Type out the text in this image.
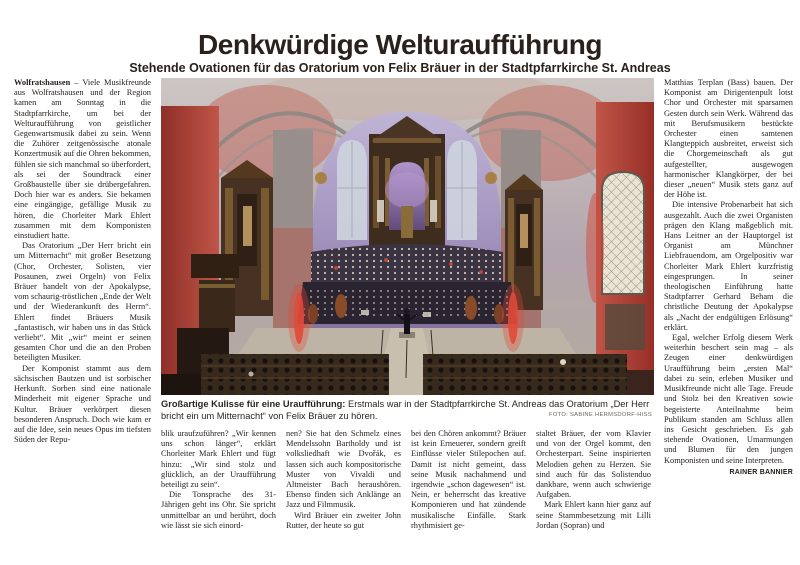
Denkwürdige Welturaufführung
Stehende Ovationen für das Oratorium von Felix Bräuer in der Stadtpfarrkirche St. Andreas

Wolfratshausen – Viele Musikfreunde aus Wolfratshausen und der Region kamen am Sonntag in die Stadtpfarrkirche, um bei der Welturaufführung von geistlicher Gegenwartsmusik dabei zu sein. Wenn die Zuhörer zeitgenössische atonale Konzertmusik auf die Ohren bekommen, fühlen sie sich manchmal so überfordert, als sei der Soundtrack einer Großbaustelle über sie drübergefahren. Doch hier war es anders. Sie bekamen eine eingängige, gefällige Musik zu hören, die Chorleiter Mark Ehlert zusammen mit dem Komponisten einstudiert hatte.

Das Oratorium „Der Herr bricht ein um Mitternacht“ mit großer Besetzung (Chor, Orchester, Solisten, vier Posaunen, zwei Orgeln) von Felix Bräuer handelt von der Apokalypse, vom schaurig-tröstlichen „Ende der Welt und der Wiederankunft des Herrn“. Ehlert findet Bräuers Musik „fantastisch, wir haben uns in das Stück verliebt“. Mit „wir“ meint er seinen gesamten Chor und die an den Proben beteiligten Musiker.

Der Komponist stammt aus dem sächsischen Bautzen und ist sorbischer Herkunft. Sorben sind eine nationale Minderheit mit eigener Sprache und Kultur. Bräuer verkörpert diesen besonderen Anspruch. Doch wie kam er auf die Idee, sein neues Opus im tiefsten Süden der Repu-

Großartige Kulisse für eine Uraufführung: Erstmals war in der Stadtpfarrkirche St. Andreas das Oratorium „Der Herr bricht ein um Mitternacht“ von Felix Bräuer zu hören.	FOTO: SABINE HERMSDORF-HISS

blik uraufzuführen? „Wir kennen uns schon länger“, erklärt Chorleiter Mark Ehlert und fügt hinzu: „Wir sind stolz und glücklich, an der Uraufführung beteiligt zu sein“.

Die Tonsprache des 31-Jährigen geht ins Ohr. Sie spricht unmittelbar an und berührt, doch wie lässt sie sich einord-

nen? Sie hat den Schmelz eines Mendelssohn Bartholdy und ist volksliedhaft wie Dvořák, es lassen sich auch kompositorische Muster von Vivaldi und Altmeister Bach heraushören. Ebenso finden sich Anklänge an Jazz und Filmmusik.

Wird Bräuer ein zweiter John Rutter, der heute so gut

bei den Chören ankommt? Bräuer ist kein Erneuerer, sondern greift Einflüsse vieler Stilepochen auf. Damit ist nicht gemeint, dass seine Musik nachahmend und irgendwie „schon dagewesen“ ist. Nein, er beherrscht das kreative Komponieren und hat zündende musikalische Einfälle. Stark rhythmisiert ge-

staltet Bräuer, der vom Klavier und von der Orgel kommt, den Orchesterpart. Seine inspirierten Melodien gehen zu Herzen. Sie sind auch für das Solistenduo dankbare, wenn auch schwierige Aufgaben.

Mark Ehlert kann hier ganz auf seine Stammbesetzung mit Lilli Jordan (Sopran) und

Matthias Terplan (Bass) bauen. Der Komponist am Dirigentenpult lotst Chor und Orchester mit sparsamen Gesten durch sein Werk. Während das mit Berufsmusikern bestückte Orchester einen samtenen Klangteppich ausbreitet, erweist sich die Chorgemeinschaft als gut aufgestellter, ausgewogen harmonischer Klangkörper, der bei dieser „neuen“ Musik stets ganz auf der Höhe ist.

Die intensive Probenarbeit hat sich ausgezahlt. Auch die zwei Organisten prägen den Klang maßgeblich mit. Hans Leitner an der Hauptorgel ist Organist am Münchner Liebfrauendom, am Orgelpositiv war Chorleiter Mark Ehlert kurzfristig eingesprungen. In seiner theologischen Einführung hatte Stadtpfarrer Gerhard Beham die christliche Deutung der Apokalypse als „Nacht der endgültigen Erlösung“ erklärt.

Egal, welcher Erfolg diesem Werk weiterhin beschert sein mag – als Zeugen einer denkwürdigen Uraufführung beim „ersten Mal“ dabei zu sein, erleben Musiker und Musikfreunde nicht alle Tage. Freude und Stolz bei den Kreativen sowie begeisterte Anteilnahme beim Publikum standen am Schluss allen ins Gesicht geschrieben. Es gab stehende Ovationen, Umarmungen und Blumen für den jungen Komponisten und seine Interpreten.
RAINER BANNIER
